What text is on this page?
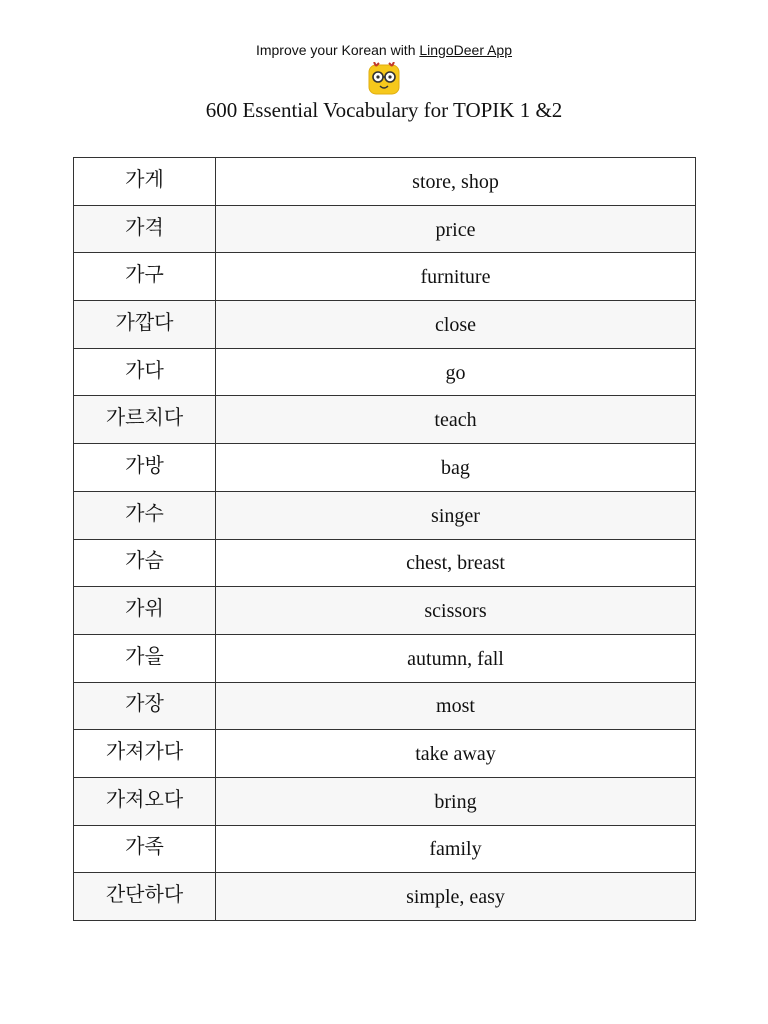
Improve your Korean with LingoDeer App
600 Essential Vocabulary for TOPIK 1 &2
가게	store, shop
가격	price
가구	furniture
가깝다	close
가다	go
가르치다	teach
가방	bag
가수	singer
가슴	chest, breast
가위	scissors
가을	autumn, fall
가장	most
가져가다	take away
가져오다	bring
가족	family
간단하다	simple, easy
